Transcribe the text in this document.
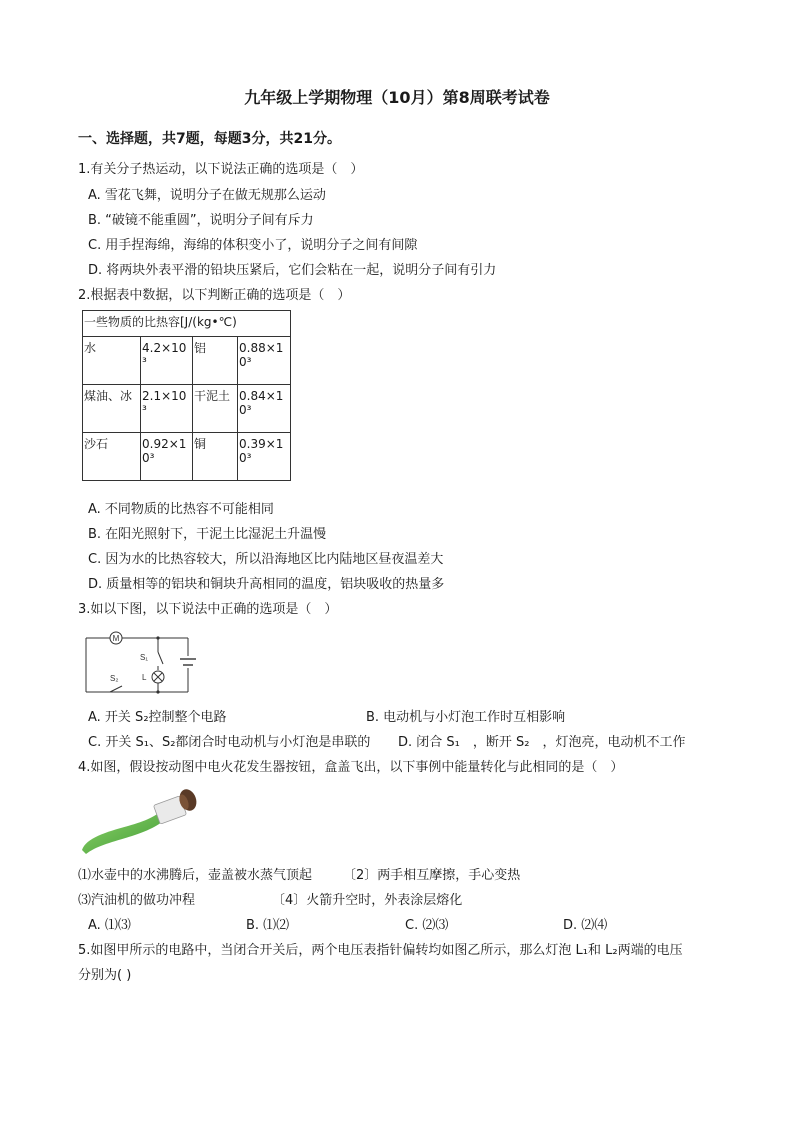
九年级上学期物理（10月）第8周联考试卷
一、选择题，共7题，每题3分，共21分。
1.有关分子热运动，以下说法正确的选项是（　）
A. 雪花飞舞，说明分子在做无规那么运动
B. “破镜不能重圆”，说明分子间有斥力
C. 用手捏海绵，海绵的体积变小了，说明分子之间有间隙
D. 将两块外表平滑的铅块压紧后，它们会粘在一起，说明分子间有引力
2.根据表中数据，以下判断正确的选项是（　）
一些物质的比热容[J/(kg•℃)			
水	4.2×10³	铝	0.88×10³
煤油、冰	2.1×10³	干泥土	0.84×10³
沙石	0.92×10³	铜	0.39×10³
A. 不同物质的比热容不可能相同
B. 在阳光照射下，干泥土比湿泥土升温慢
C. 因为水的比热容较大，所以沿海地区比内陆地区昼夜温差大
D. 质量相等的铝块和铜块升高相同的温度，铝块吸收的热量多
3.如以下图，以下说法中正确的选项是（　）
M
S₁
L
S₂
A. 开关 S₂控制整个电路	B. 电动机与小灯泡工作时互相影响
C. 开关 S₁、S₂都闭合时电动机与小灯泡是串联的 D. 闭合 S₁　，断开 S₂　，灯泡亮，电动机不工作
4.如图，假设按动图中电火花发生器按钮，盒盖飞出，以下事例中能量转化与此相同的是（　）
⑴水壶中的水沸腾后，壶盖被水蒸气顶起 〔2〕两手相互摩擦，手心变热
⑶汽油机的做功冲程	〔4〕火箭升空时，外表涂层熔化
A. ⑴⑶	B. ⑴⑵	C. ⑵⑶	D. ⑵⑷
5.如图甲所示的电路中，当闭合开关后，两个电压表指针偏转均如图乙所示，那么灯泡 L₁和 L₂两端的电压
分别为( )
